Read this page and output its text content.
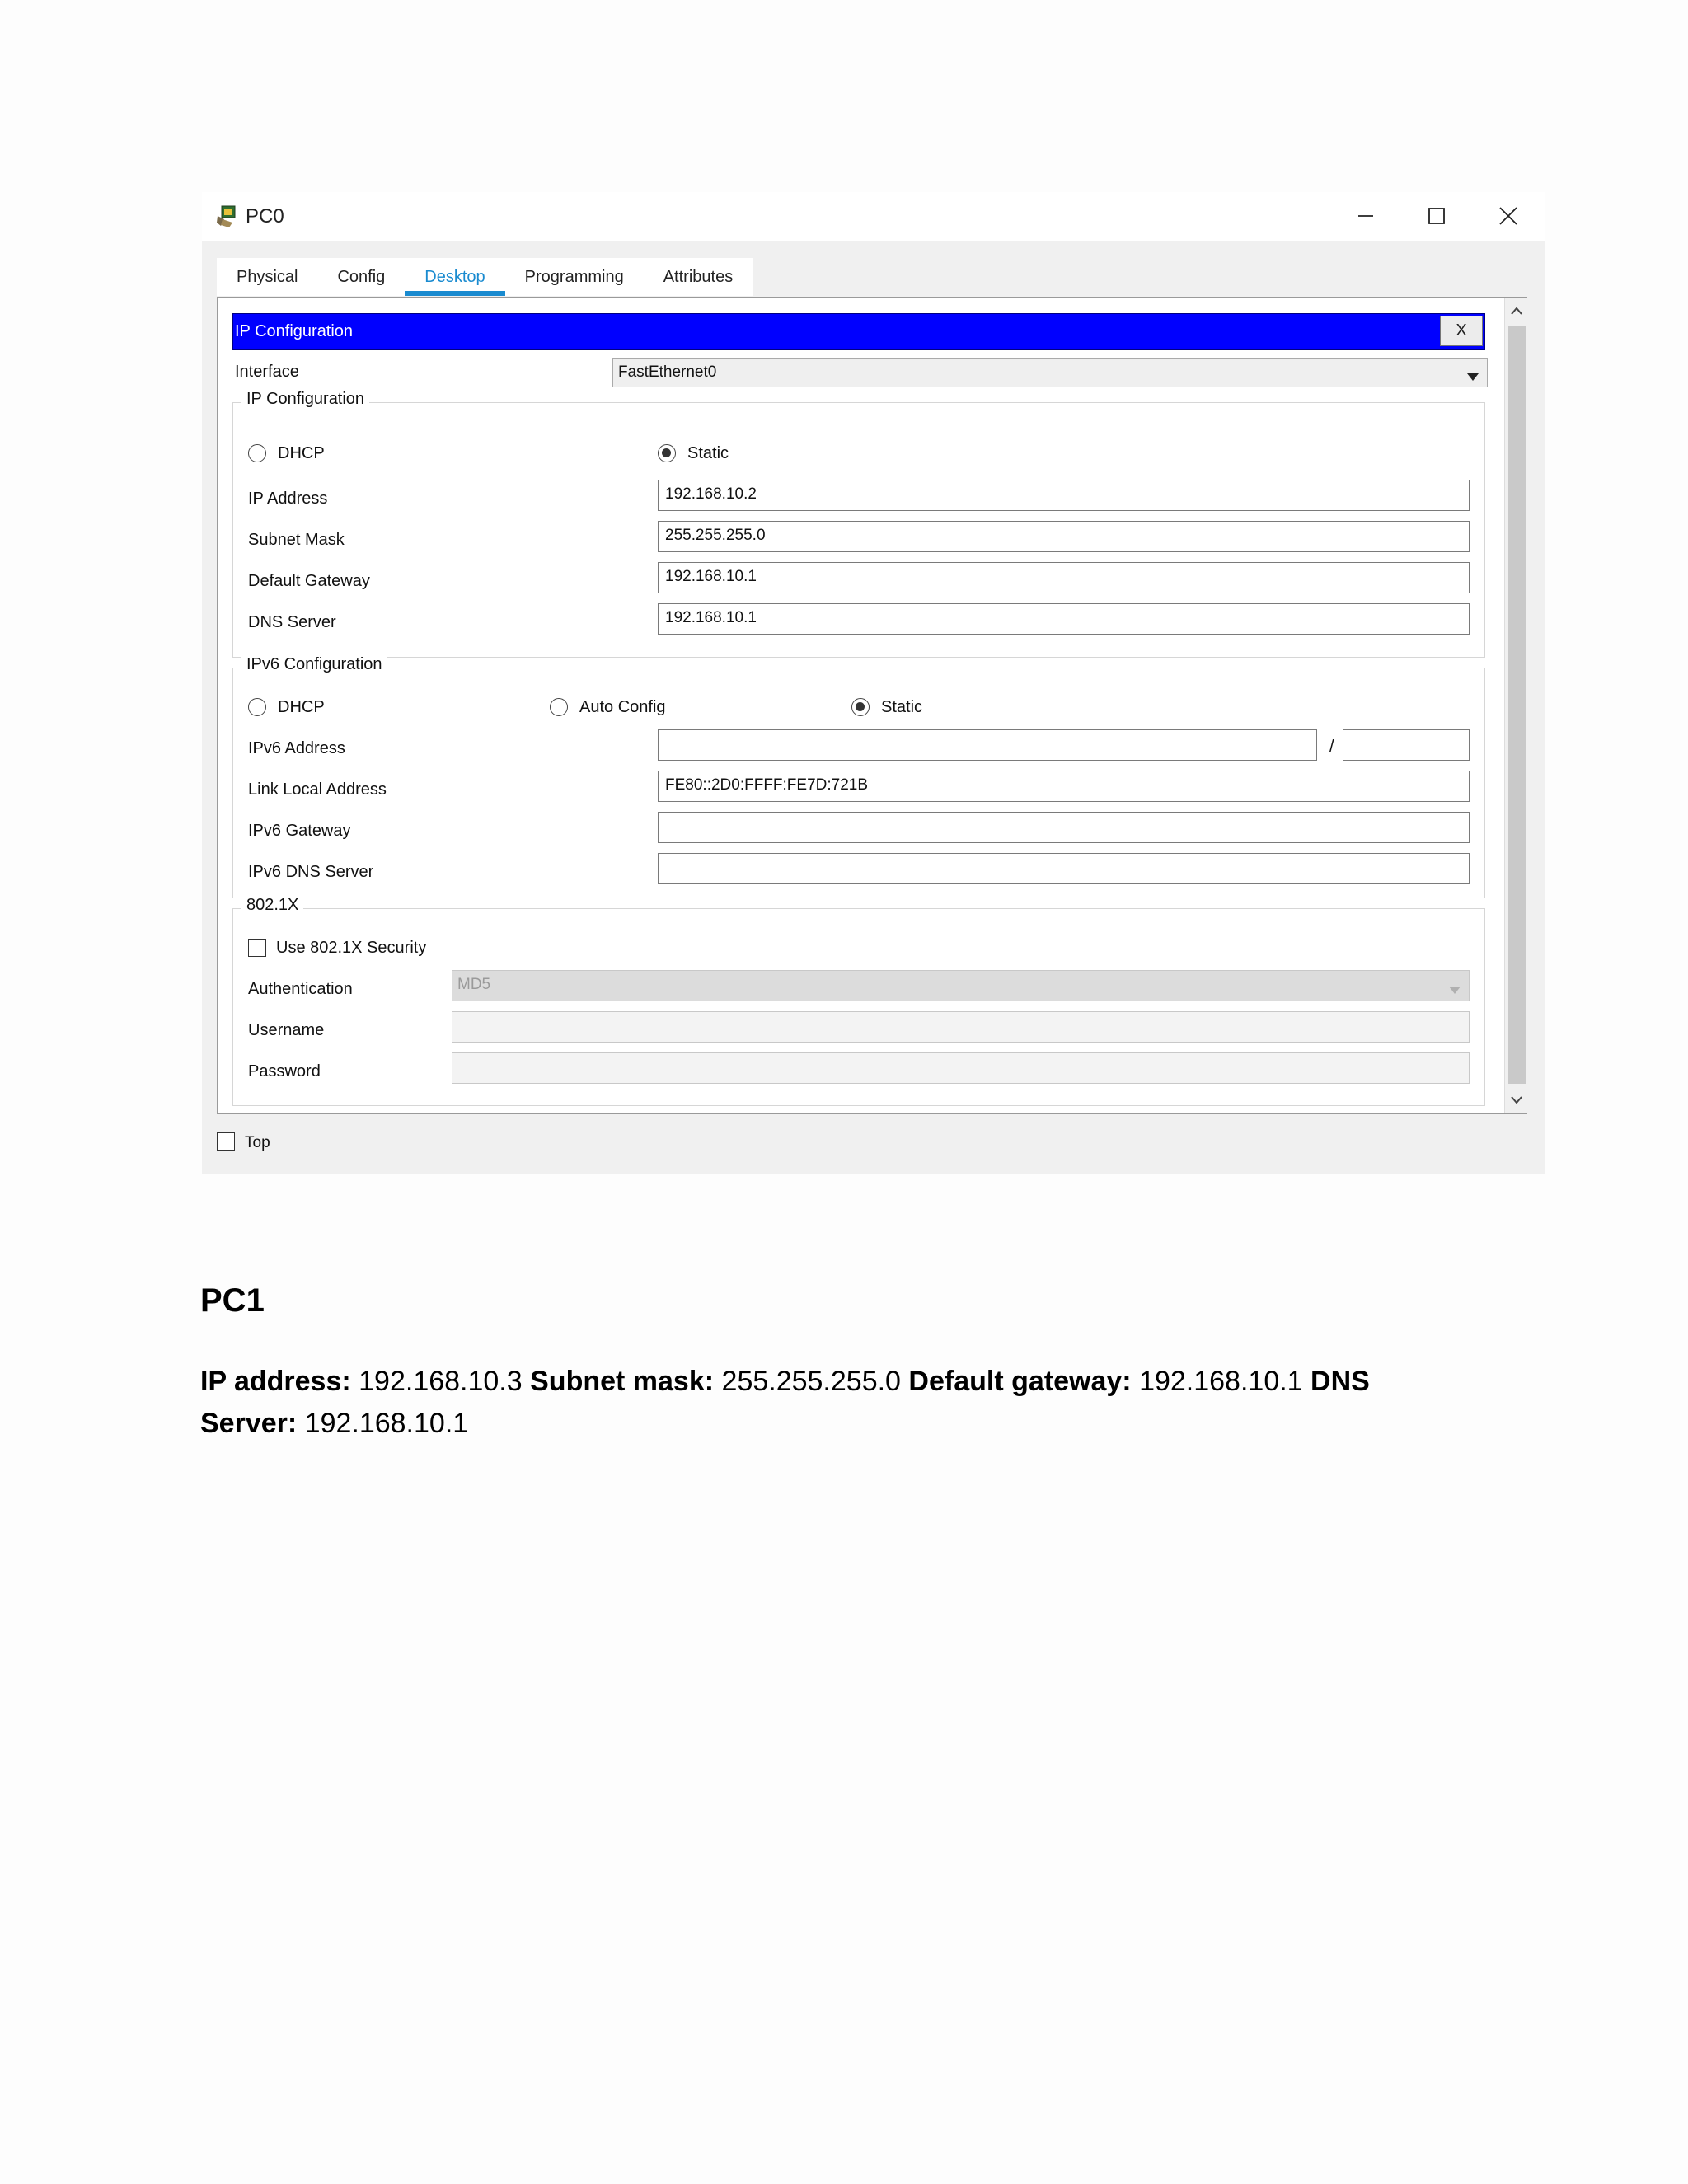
PC0
Physical	Config	Desktop	Programming	Attributes
IP Configuration	X
Interface	FastEthernet0
IP Configuration
DHCP	Static
IP Address	192.168.10.2
Subnet Mask	255.255.255.0
Default Gateway	192.168.10.1
DNS Server	192.168.10.1
IPv6 Configuration
DHCP	Auto Config	Static
IPv6 Address	/
Link Local Address	FE80::2D0:FFFF:FE7D:721B
IPv6 Gateway
IPv6 DNS Server
802.1X
Use 802.1X Security
Authentication	MD5
Username
Password
Top
PC1
IP address: 192.168.10.3 Subnet mask: 255.255.255.0 Default gateway: 192.168.10.1 DNS
Server: 192.168.10.1
